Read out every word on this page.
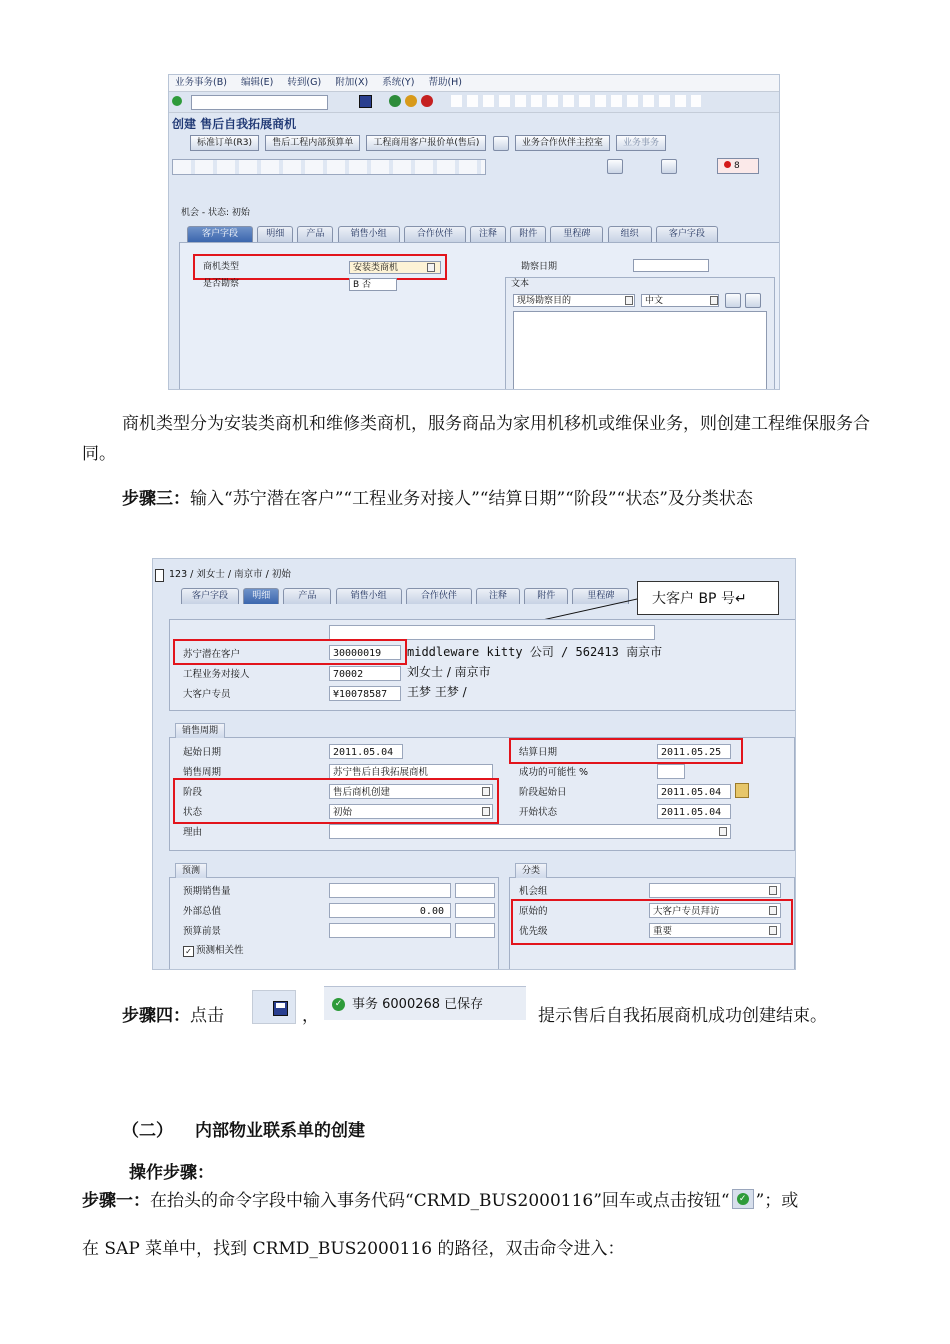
业务事务(B) 编辑(E) 转到(G) 附加(X) 系统(Y) 帮助(H)
创建 售后自我拓展商机
标准订单(R3) 售后工程内部预算单 工程商用客户报价单(售后)	业务合作伙伴主控室 业务事务
8
机会 - 状态: 初始
客户字段	明细 产品	销售小组	合作伙伴	注释 附件	里程碑	组织	客户字段
商机类型	安装类商机
是否勘察	B 否
勘察日期
文本
现场勘察目的	中文
商机类型分为安装类商机和维修类商机，服务商品为家用机移机或维保业务，则创建工程维保服务合同。
步骤三：输入“苏宁潜在客户”“工程业务对接人”“结算日期”“阶段”“状态”及分类状态
123 / 刘女士 / 南京市 / 初始
客户字段	明细	产品	销售小组	合作伙伴	注释	附件	里程碑	大客户 BP 号↵
苏宁潜在客户	30000019	middleware kitty 公司 / 562413 南京市
工程业务对接人	70002	刘女士 / 南京市
大客户专员	¥10078587	王梦 王梦 /
销售周期
起始日期	2011.05.04
销售周期	苏宁售后自我拓展商机
阶段	售后商机创建
状态	初始
理由
结算日期	2011.05.25
成功的可能性 %
阶段起始日	2011.05.04
开始状态	2011.05.04
预测
预期销售量
外部总值	0.00
预算前景
✓ 预测相关性
分类
机会组
原始的	大客户专员拜访
优先级	重要
步骤四：点击	，
✓ 事务 6000268 已保存
提示售后自我拓展商机成功创建结束。
（二） 内部物业联系单的创建
操作步骤：
步骤一：在抬头的命令字段中输入事务代码“CRMD_BUS2000116”回车或点击按钮“ ✓ ”；或
在 SAP 菜单中，找到 CRMD_BUS2000116 的路径，双击命令进入：
